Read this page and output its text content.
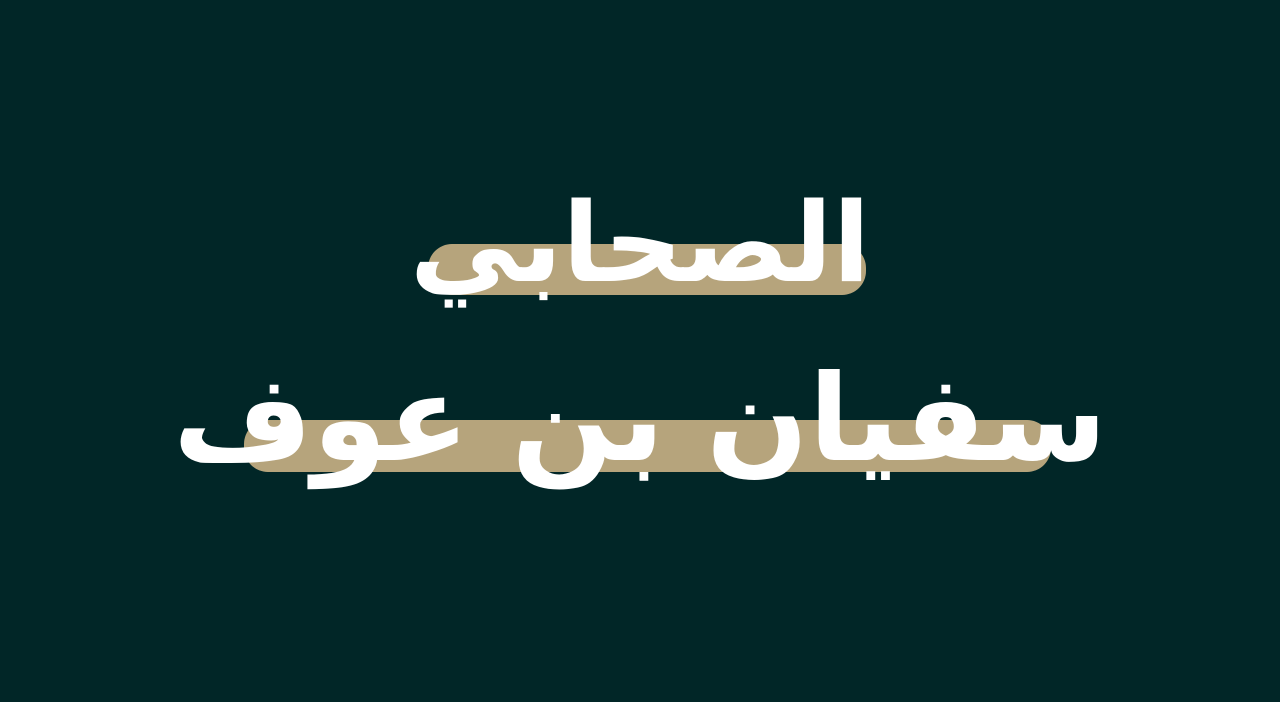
الصحابي
سفيان بن عوف
